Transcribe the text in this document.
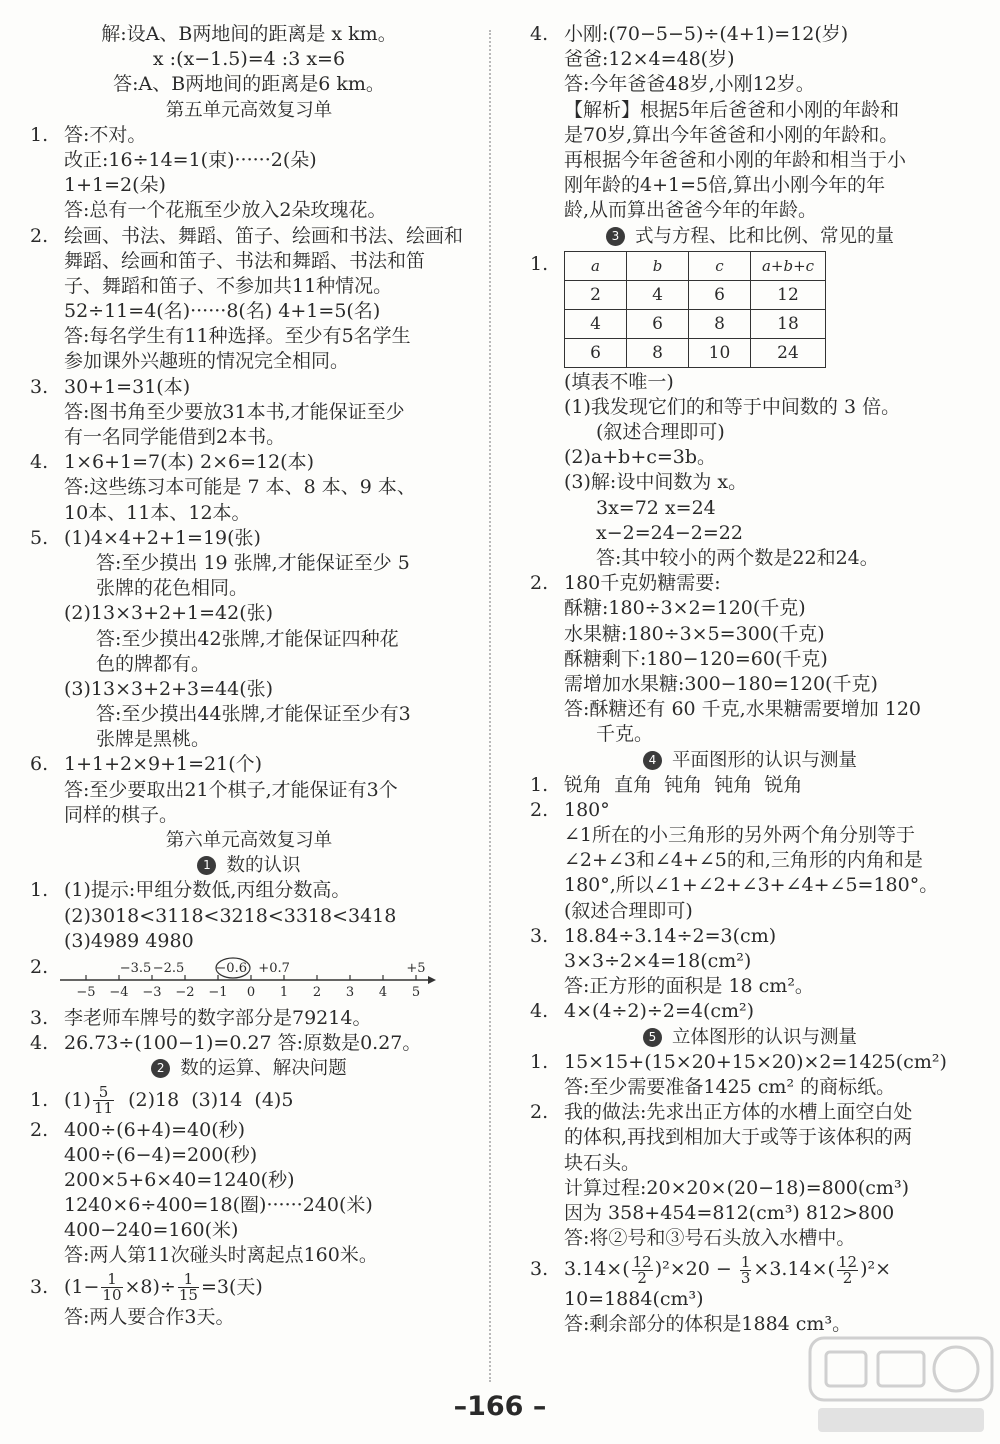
解:设A、B两地间的距离是 x km。
x :(x−1.5)=4 :3 x=6
答:A、B两地间的距离是6 km。
第五单元高效复习单
1. 答:不对。
改正:16÷14=1(束)······2(朵)
1+1=2(朵)
答:总有一个花瓶至少放入2朵玫瑰花。
2. 绘画、书法、舞蹈、笛子、绘画和书法、绘画和
舞蹈、绘画和笛子、书法和舞蹈、书法和笛
子、舞蹈和笛子、不参加共11种情况。
52÷11=4(名)······8(名) 4+1=5(名)
答:每名学生有11种选择。至少有5名学生
参加课外兴趣班的情况完全相同。
3. 30+1=31(本)
答:图书角至少要放31本书,才能保证至少
有一名同学能借到2本书。
4. 1×6+1=7(本) 2×6=12(本)
答:这些练习本可能是 7 本、8 本、9 本、
10本、11本、12本。
5. (1)4×4+2+1=19(张)
答:至少摸出 19 张牌,才能保证至少 5
张牌的花色相同。
(2)13×3+2+1=42(张)
答:至少摸出42张牌,才能保证四种花
色的牌都有。
(3)13×3+2+3=44(张)
答:至少摸出44张牌,才能保证至少有3
张牌是黑桃。
6. 1+1+2×9+1=21(个)
答:至少要取出21个棋子,才能保证有3个
同样的棋子。
第六单元高效复习单
1 数的认识
1. (1)提示:甲组分数低,丙组分数高。
(2)3018<3118<3218<3318<3418
(3)4989 4980
2.
−5 −4 −3 −2 −1 0 1 2 3 4 5
−3.5 −2.5 −0.6 +0.7	+5
3. 李老师车牌号的数字部分是79214。
4. 26.73÷(100−1)=0.27 答:原数是0.27。
2 数的运算、解决问题
1. $(1) \frac{5}{11} (2)18$  (3)14  (4)5
2. 400÷(6+4)=40(秒)
400÷(6−4)=200(秒)
200×5+6×40=1240(秒)
1240×6÷400=18(圈)······240(米)
400−240=160(米)
答:两人第11次碰头时离起点160米。
3. $(1- \frac{1}{10} \times 8)\div \frac{1}{15} =3$(天)
答:两人要合作3天。
4. 小刚:(70−5−5)÷(4+1)=12(岁)
爸爸:12×4=48(岁)
答:今年爸爸48岁,小刚12岁。
【解析】根据5年后爸爸和小刚的年龄和
是70岁,算出今年爸爸和小刚的年龄和。
再根据今年爸爸和小刚的年龄和相当于小
刚年龄的4+1=5倍,算出小刚今年的年
龄,从而算出爸爸今年的年龄。
3 式与方程、比和比例、常见的量
1.	a	b	c	a+b+c
2	4	6	12
4	6	8	18
6	8	10	24
(填表不唯一)
(1)我发现它们的和等于中间数的 3 倍。
(叙述合理即可)
(2)a+b+c=3b。
(3)解:设中间数为 x。
3x=72 x=24
x−2=24−2=22
答:其中较小的两个数是22和24。
2. 180千克奶糖需要:
酥糖:180÷3×2=120(千克)
水果糖:180÷3×5=300(千克)
酥糖剩下:180−120=60(千克)
需增加水果糖:300−180=120(千克)
答:酥糖还有 60 千克,水果糖需要增加 120
千克。
4 平面图形的认识与测量
1. 锐角  直角  钝角  钝角  锐角
2. 180°
∠1所在的小三角形的另外两个角分别等于
∠2+∠3和∠4+∠5的和,三角形的内角和是
180°,所以∠1+∠2+∠3+∠4+∠5=180°。
(叙述合理即可)
3. 18.84÷3.14÷2=3(cm)
3×3÷2×4=18(cm²)
答:正方形的面积是 18 cm²。
4. 4×(4÷2)÷2=4(cm²)
5 立体图形的认识与测量
1. 15×15+(15×20+15×20)×2=1425(cm²)
答:至少需要准备1425 cm² 的商标纸。
2. 我的做法:先求出正方体的水槽上面空白处
的体积,再找到相加大于或等于该体积的两
块石头。
计算过程:20×20×(20−18)=800(cm³)
因为 358+454=812(cm³) 812>800
答:将②号和③号石头放入水槽中。
3. $3.14\times( \frac{12}{2} )^2\times 20 - \frac{1}{3} \times 3.14\times( \frac{12}{2} )^2\times$
10=1884(cm³)
答:剩余部分的体积是1884 cm³。
–166 –
